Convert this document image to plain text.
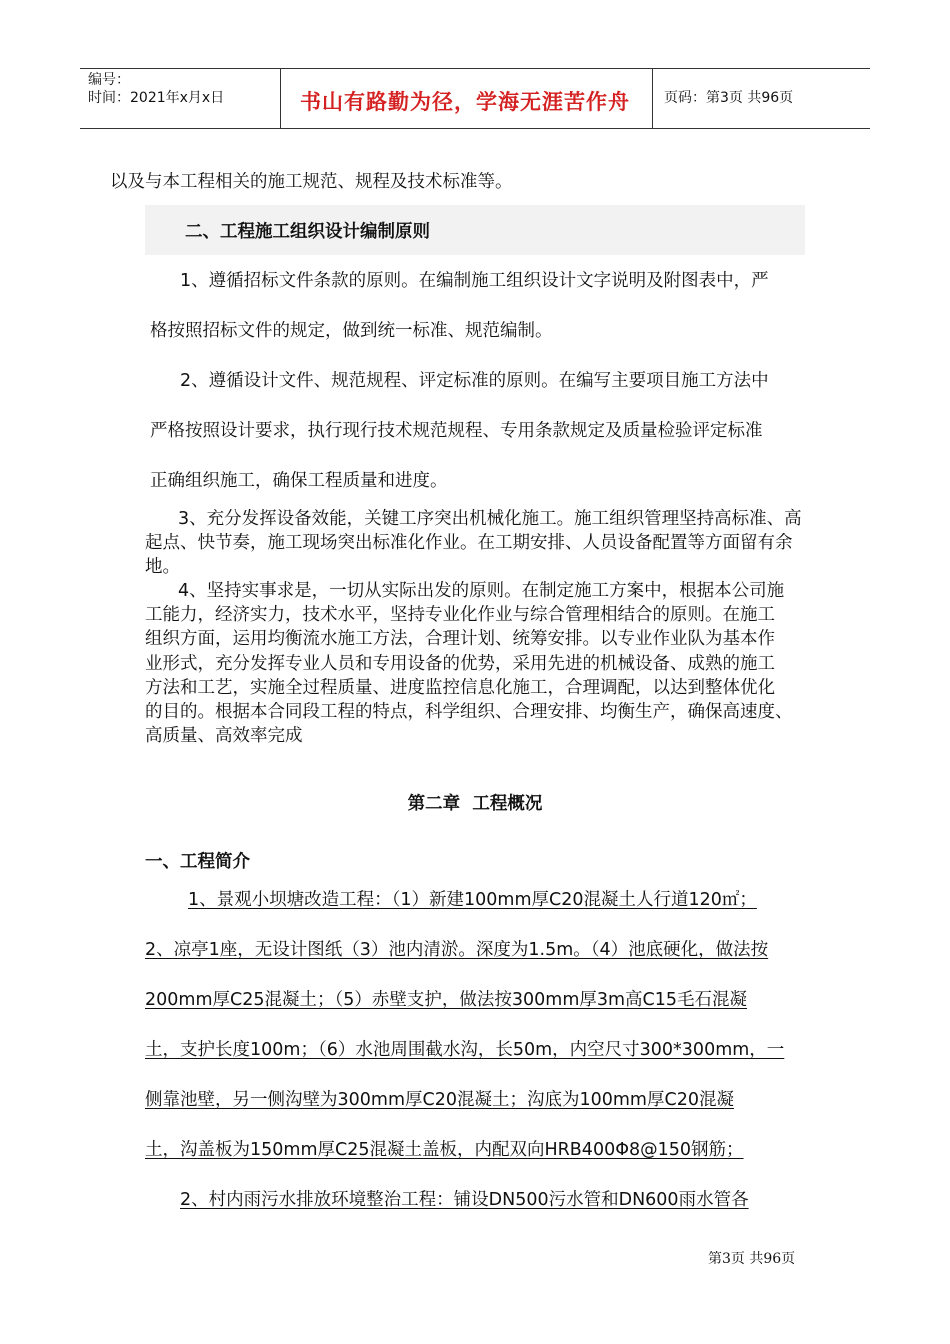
编号：
时间：2021年x月x日	书山有路勤为径，学海无涯苦作舟 页码：第3页 共96页
以及与本工程相关的施工规范、规程及技术标准等。
二、工程施工组织设计编制原则
1、遵循招标文件条款的原则。在编制施工组织设计文字说明及附图表中，严
格按照招标文件的规定，做到统一标准、规范编制。
2、遵循设计文件、规范规程、评定标准的原则。在编写主要项目施工方法中
严格按照设计要求，执行现行技术规范规程、专用条款规定及质量检验评定标准
正确组织施工，确保工程质量和进度。
3、充分发挥设备效能，关键工序突出机械化施工。施工组织管理坚持高标准、高
起点、快节奏，施工现场突出标准化作业。在工期安排、人员设备配置等方面留有余
地。
4、坚持实事求是，一切从实际出发的原则。在制定施工方案中，根据本公司施
工能力，经济实力，技术水平，坚持专业化作业与综合管理相结合的原则。在施工
组织方面，运用均衡流水施工方法，合理计划、统筹安排。以专业作业队为基本作
业形式，充分发挥专业人员和专用设备的优势，采用先进的机械设备、成熟的施工
方法和工艺，实施全过程质量、进度监控信息化施工，合理调配，以达到整体优化
的目的。根据本合同段工程的特点，科学组织、合理安排、均衡生产，确保高速度、
高质量、高效率完成
第二章  工程概况
一、工程简介
1、景观小坝塘改造工程：（1）新建100mm厚C20混凝土人行道120㎡；
2、凉亭1座，无设计图纸（3）池内清淤。深度为1.5m。（4）池底硬化，做法按
200mm厚C25混凝土；（5）赤壁支护，做法按300mm厚3m高C15毛石混凝
土，支护长度100m；（6）水池周围截水沟，长50m，内空尺寸300*300mm，一
侧靠池壁，另一侧沟壁为300mm厚C20混凝土；沟底为100mm厚C20混凝
土，沟盖板为150mm厚C25混凝土盖板，内配双向HRB400Φ8@150钢筋；
2、村内雨污水排放环境整治工程：铺设DN500污水管和DN600雨水管各
第3页 共96页
